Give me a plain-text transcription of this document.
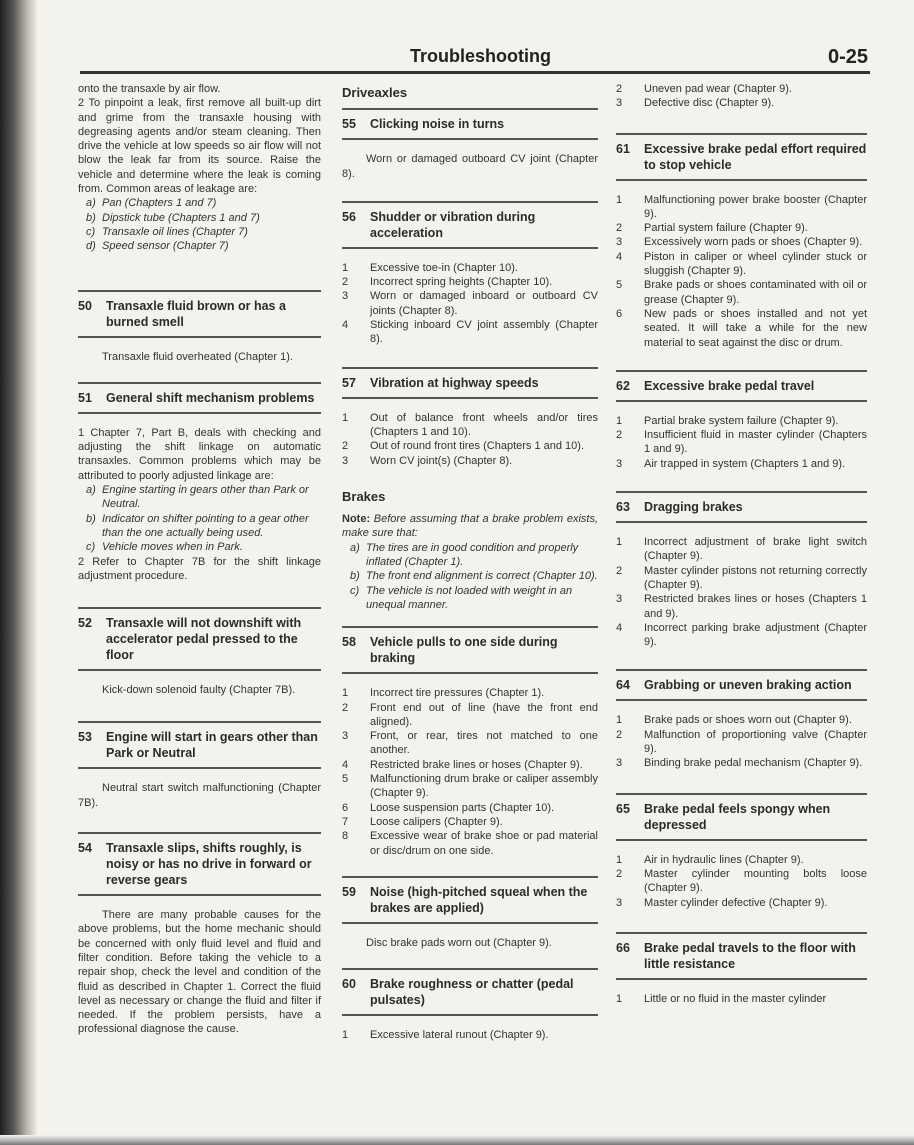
Troubleshooting	0-25

onto the transaxle by air flow.

2 To pinpoint a leak, first remove all built-up dirt and grime from the transaxle housing with degreasing agents and/or steam cleaning. Then drive the vehicle at low speeds so air flow will not blow the leak far from its source. Raise the vehicle and determine where the leak is coming from. Common areas of leakage are:

a) Pan (Chapters 1 and 7)
b) Dipstick tube (Chapters 1 and 7)
c) Transaxle oil lines (Chapter 7)
d) Speed sensor (Chapter 7)
50	Transaxle fluid brown or has a burned smell

Transaxle fluid overheated (Chapter 1).

51	General shift mechanism problems

1 Chapter 7, Part B, deals with checking and adjusting the shift linkage on automatic transaxles. Common problems which may be attributed to poorly adjusted linkage are:

a) Engine starting in gears other than Park or Neutral.
b) Indicator on shifter pointing to a gear other than the one actually being used.
c) Vehicle moves when in Park.

2 Refer to Chapter 7B for the shift linkage adjustment procedure.

52	Transaxle will not downshift with accelerator pedal pressed to the floor

Kick-down solenoid faulty (Chapter 7B).

53	Engine will start in gears other than Park or Neutral

Neutral start switch malfunctioning (Chapter 7B).

54	Transaxle slips, shifts roughly, is noisy or has no drive in forward or reverse gears

There are many probable causes for the above problems, but the home mechanic should be concerned with only fluid level and fluid and filter condition. Before taking the vehicle to a repair shop, check the level and condition of the fluid as described in Chapter 1. Correct the fluid level as necessary or change the fluid and filter if needed. If the problem persists, have a professional diagnose the cause.

Driveaxles
55	Clicking noise in turns

Worn or damaged outboard CV joint (Chapter 8).

56	Shudder or vibration during acceleration

1 Excessive toe-in (Chapter 10).

2 Incorrect spring heights (Chapter 10).

3 Worn or damaged inboard or outboard CV joints (Chapter 8).

4 Sticking inboard CV joint assembly (Chapter 8).

57	Vibration at highway speeds

1 Out of balance front wheels and/or tires (Chapters 1 and 10).

2 Out of round front tires (Chapters 1 and 10).

3 Worn CV joint(s) (Chapter 8).

Brakes

Note: Before assuming that a brake problem exists, make sure that:

a) The tires are in good condition and properly inflated (Chapter 1).
b) The front end alignment is correct (Chapter 10).
c) The vehicle is not loaded with weight in an unequal manner.
58	Vehicle pulls to one side during braking

1 Incorrect tire pressures (Chapter 1).

2 Front end out of line (have the front end aligned).

3 Front, or rear, tires not matched to one another.

4 Restricted brake lines or hoses (Chapter 9).

5 Malfunctioning drum brake or caliper assembly (Chapter 9).

6 Loose suspension parts (Chapter 10).

7 Loose calipers (Chapter 9).

8 Excessive wear of brake shoe or pad material or disc/drum on one side.

59	Noise (high-pitched squeal when the brakes are applied)

Disc brake pads worn out (Chapter 9).

60	Brake roughness or chatter (pedal pulsates)

1 Excessive lateral runout (Chapter 9).

2 Uneven pad wear (Chapter 9).

3 Defective disc (Chapter 9).

61	Excessive brake pedal effort required to stop vehicle

1 Malfunctioning power brake booster (Chapter 9).

2 Partial system failure (Chapter 9).

3 Excessively worn pads or shoes (Chapter 9).

4 Piston in caliper or wheel cylinder stuck or sluggish (Chapter 9).

5 Brake pads or shoes contaminated with oil or grease (Chapter 9).

6 New pads or shoes installed and not yet seated. It will take a while for the new material to seat against the disc or drum.

62	Excessive brake pedal travel

1 Partial brake system failure (Chapter 9).

2 Insufficient fluid in master cylinder (Chapters 1 and 9).

3 Air trapped in system (Chapters 1 and 9).

63	Dragging brakes

1 Incorrect adjustment of brake light switch (Chapter 9).

2 Master cylinder pistons not returning correctly (Chapter 9).

3 Restricted brakes lines or hoses (Chapters 1 and 9).

4 Incorrect parking brake adjustment (Chapter 9).

64	Grabbing or uneven braking action

1 Brake pads or shoes worn out (Chapter 9).

2 Malfunction of proportioning valve (Chapter 9).

3 Binding brake pedal mechanism (Chapter 9).

65	Brake pedal feels spongy when depressed

1 Air in hydraulic lines (Chapter 9).

2 Master cylinder mounting bolts loose (Chapter 9).

3 Master cylinder defective (Chapter 9).

66	Brake pedal travels to the floor with little resistance

1 Little or no fluid in the master cylinder
